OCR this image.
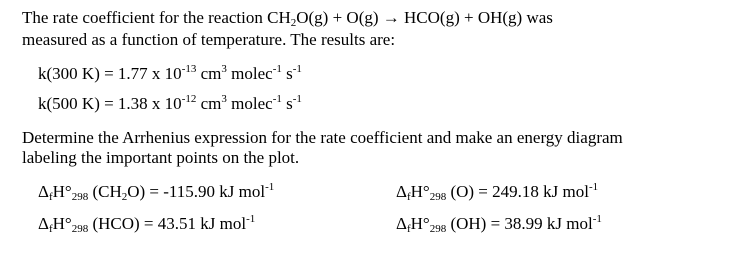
The rate coefficient for the reaction $CH_2O(g) + O(g) \to HCO(g) + OH(g)$ was
measured as a function of temperature. The results are:
k(300 K) = 1.77 x $10^{-13}$ $cm^3$ molec$^{-1}$ $s^{-1}$
k(500 K) = 1.38 x $10^{-12}$ $cm^3$ molec$^{-1}$ $s^{-1}$
Determine the Arrhenius expression for the rate coefficient and make an energy diagram
labeling the important points on the plot.
$\Delta_fH^\circ_{298}$ $(CH_2O) = -115.90$ kJ mol$^{-1}$	$\Delta_fH^\circ_{298}$ (O) = 249.18 kJ mol$^{-1}$
$\Delta_fH^\circ_{298}$ (HCO) = 43.51 kJ mol$^{-1}$	$\Delta_fH^\circ_{298}$ (OH) = 38.99 kJ mol$^{-1}$
